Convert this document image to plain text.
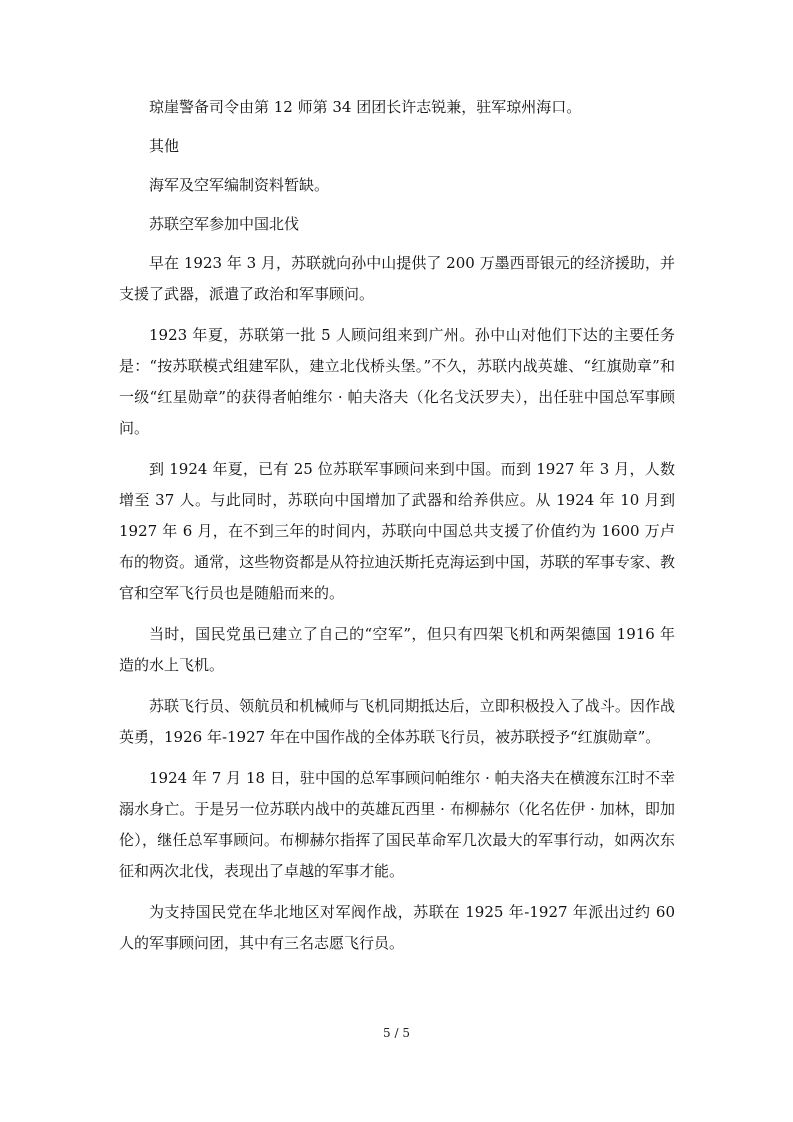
琼崖警备司令由第 12 师第 34 团团长许志锐兼，驻军琼州海口。

其他

海军及空军编制资料暂缺。

苏联空军参加中国北伐

早在 1923 年 3 月，苏联就向孙中山提供了 200 万墨西哥银元的经济援助，并支援了武器，派遣了政治和军事顾问。

1923 年夏，苏联第一批 5 人顾问组来到广州。孙中山对他们下达的主要任务是：“按苏联模式组建军队，建立北伐桥头堡。”不久，苏联内战英雄、“红旗勋章”和一级“红星勋章”的获得者帕维尔 · 帕夫洛夫（化名戈沃罗夫），出任驻中国总军事顾问。

到 1924 年夏，已有 25 位苏联军事顾问来到中国。而到 1927 年 3 月，人数增至 37 人。与此同时，苏联向中国增加了武器和给养供应。从 1924 年 10 月到 1927 年 6 月，在不到三年的时间内，苏联向中国总共支援了价值约为 1600 万卢布的物资。通常，这些物资都是从符拉迪沃斯托克海运到中国，苏联的军事专家、教官和空军飞行员也是随船而来的。

当时，国民党虽已建立了自己的“空军”，但只有四架飞机和两架德国 1916 年造的水上飞机。

苏联飞行员、领航员和机械师与飞机同期抵达后，立即积极投入了战斗。因作战英勇，1926 年-1927 年在中国作战的全体苏联飞行员，被苏联授予“红旗勋章”。

1924 年 7 月 18 日，驻中国的总军事顾问帕维尔 · 帕夫洛夫在横渡东江时不幸溺水身亡。于是另一位苏联内战中的英雄瓦西里 · 布柳赫尔（化名佐伊 · 加林，即加伦），继任总军事顾问。布柳赫尔指挥了国民革命军几次最大的军事行动，如两次东征和两次北伐，表现出了卓越的军事才能。

为支持国民党在华北地区对军阀作战，苏联在 1925 年-1927 年派出过约 60 人的军事顾问团，其中有三名志愿飞行员。

5 / 5
